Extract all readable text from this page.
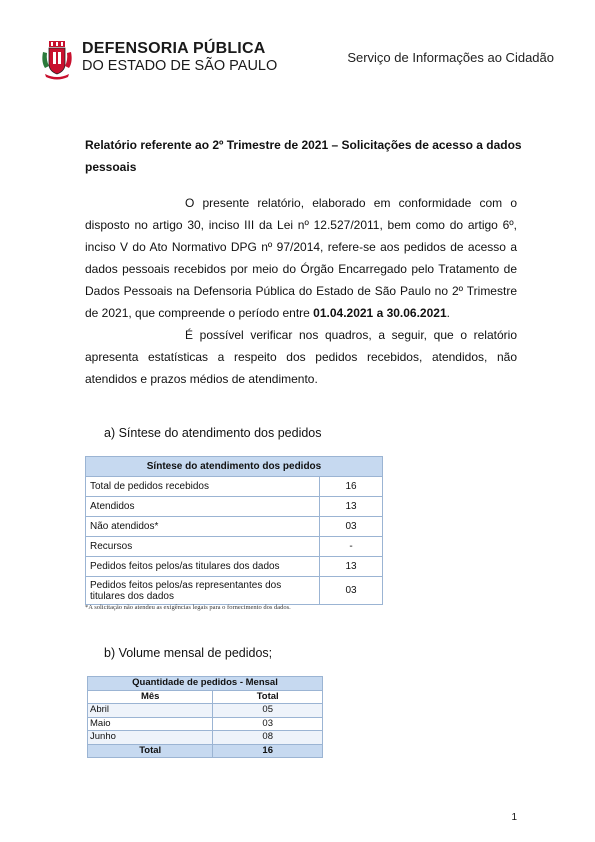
DEFENSORIA PÚBLICA
DO ESTADO DE SÃO PAULO
Serviço de Informações ao Cidadão
Relatório referente ao 2º Trimestre de 2021 – Solicitações de acesso a dados pessoais
O presente relatório, elaborado em conformidade com o disposto no artigo 30, inciso III da Lei nº 12.527/2011, bem como do artigo 6º, inciso V do Ato Normativo DPG nº 97/2014, refere-se aos pedidos de acesso a dados pessoais recebidos por meio do Órgão Encarregado pelo Tratamento de Dados Pessoais na Defensoria Pública do Estado de São Paulo no 2º Trimestre de 2021, que compreende o período entre 01.04.2021 a 30.06.2021.
É possível verificar nos quadros, a seguir, que o relatório apresenta estatísticas a respeito dos pedidos recebidos, atendidos, não atendidos e prazos médios de atendimento.
a) Síntese do atendimento dos pedidos
Síntese do atendimento dos pedidos	
Total de pedidos recebidos	16
Atendidos	13
Não atendidos*	03
Recursos	-
Pedidos feitos pelos/as titulares dos dados	13
Pedidos feitos pelos/as representantes dos titulares dos dados	03
*A solicitação não atendeu as exigências legais para o fornecimento dos dados.
b) Volume mensal de pedidos;
Quantidade de pedidos - Mensal	
Mês	Total
Abril	05
Maio	03
Junho	08
Total	16
1
